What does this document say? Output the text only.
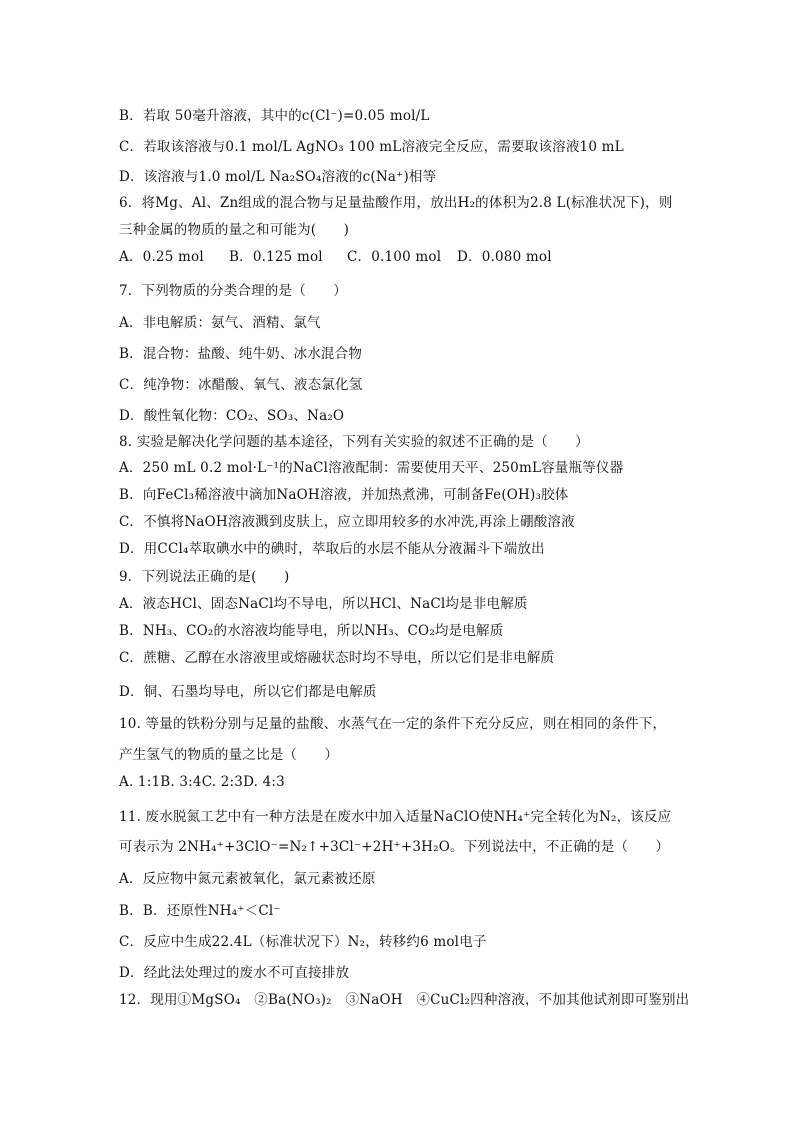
B．若取 50毫升溶液，其中的c(Cl⁻)=0.05 mol/L
C．若取该溶液与0.1 mol/L AgNO₃ 100 mL溶液完全反应，需要取该溶液10 mL
D．该溶液与1.0 mol/L Na₂SO₄溶液的c(Na⁺)相等
6．将Mg、Al、Zn组成的混合物与足量盐酸作用，放出H₂的体积为2.8 L(标准状况下)，则
三种金属的物质的量之和可能为(　　)
A．0.25 mol B．0.125 mol C．0.100 mol D．0.080 mol
7．下列物质的分类合理的是（　　）
A．非电解质：氨气、酒精、氯气
B．混合物：盐酸、纯牛奶、冰水混合物
C．纯净物：冰醋酸、氧气、液态氯化氢
D．酸性氧化物：CO₂、SO₃、Na₂O
8. 实验是解决化学问题的基本途径，下列有关实验的叙述不正确的是（　　）
A．250 mL 0.2 mol·L⁻¹的NaCl溶液配制：需要使用天平、250mL容量瓶等仪器
B．向FeCl₃稀溶液中滴加NaOH溶液，并加热煮沸，可制备Fe(OH)₃胶体
C．不慎将NaOH溶液溅到皮肤上，应立即用较多的水冲洗,再涂上硼酸溶液
D．用CCl₄萃取碘水中的碘时，萃取后的水层不能从分液漏斗下端放出
9．下列说法正确的是(　　)
A．液态HCl、固态NaCl均不导电，所以HCl、NaCl均是非电解质
B．NH₃、CO₂的水溶液均能导电，所以NH₃、CO₂均是电解质
C．蔗糖、乙醇在水溶液里或熔融状态时均不导电，所以它们是非电解质
D．铜、石墨均导电，所以它们都是电解质
10. 等量的铁粉分别与足量的盐酸、水蒸气在一定的条件下充分反应，则在相同的条件下，
产生氢气的物质的量之比是（　　）
A. 1:1B. 3:4C. 2:3D. 4:3
11. 废水脱氮工艺中有一种方法是在废水中加入适量NaClO使NH₄⁺完全转化为N₂，该反应
可表示为 2NH₄⁺+3ClO⁻=N₂↑+3Cl⁻+2H⁺+3H₂O。下列说法中，不正确的是（　　）
A．反应物中氮元素被氧化，氯元素被还原
B．B．还原性NH₄⁺＜Cl⁻
C．反应中生成22.4L（标准状况下）N₂，转移约6 mol电子
D．经此法处理过的废水不可直接排放
12．现用①MgSO₄　②Ba(NO₃)₂　③NaOH　④CuCl₂四种溶液，不加其他试剂即可鉴别出
